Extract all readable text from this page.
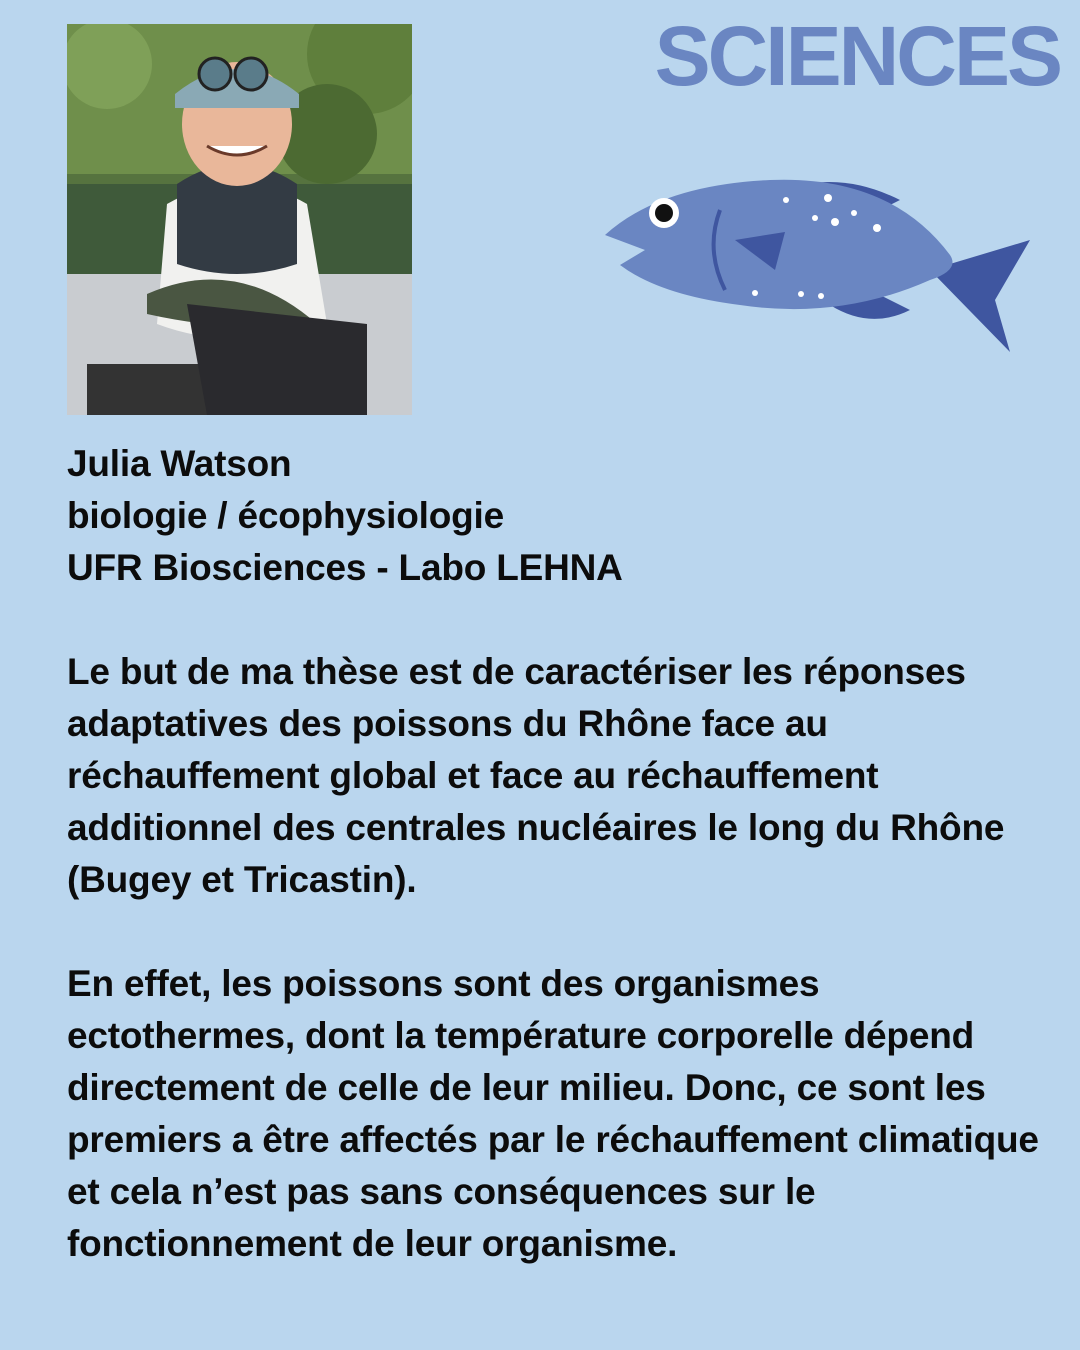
SCIENCES

Julia Watson

biologie / écophysiologie

UFR Biosciences - Labo LEHNA

Le but de ma thèse est de caractériser les réponses adaptatives des poissons du Rhône face au réchauffement global et face au réchauffement additionnel des centrales nucléaires le long du Rhône (Bugey et Tricastin).

En effet, les poissons sont des organismes ectothermes, dont la température corporelle dépend directement de celle de leur milieu. Donc, ce sont les premiers a être affectés par le réchauffement climatique et cela n’est pas sans conséquences sur le fonctionnement de leur organisme.
